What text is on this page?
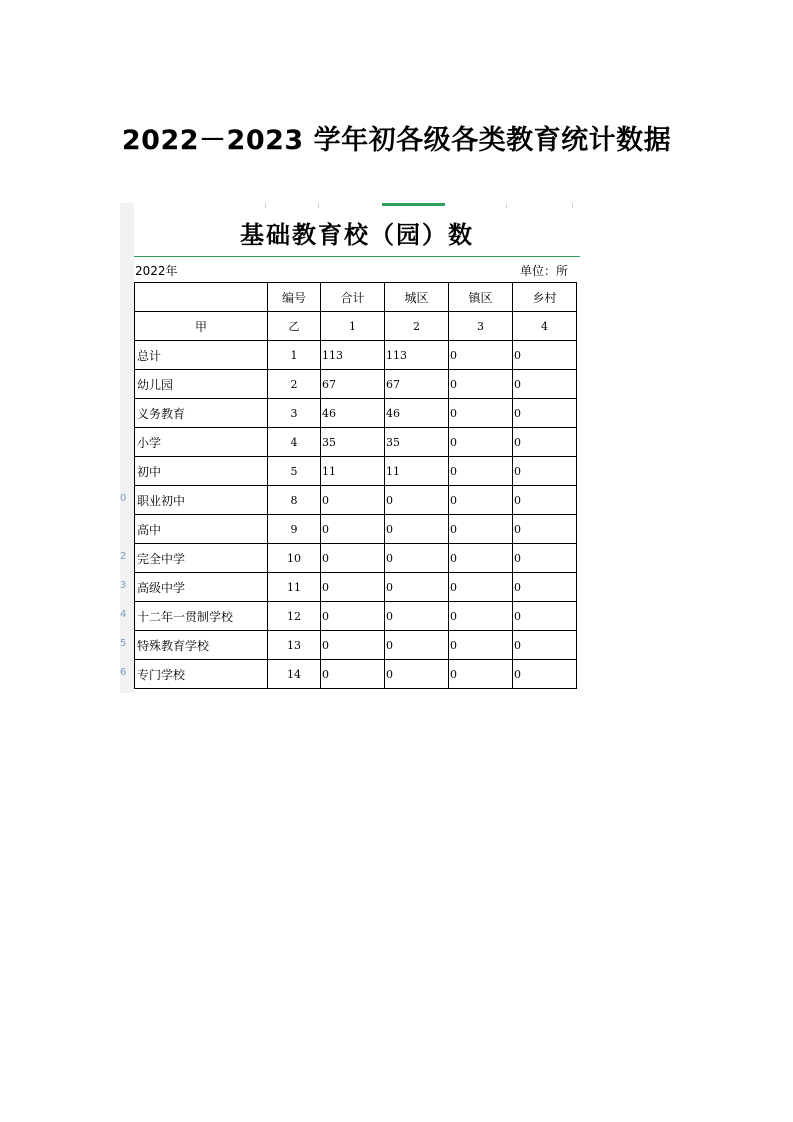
2022－2023 学年初各级各类教育统计数据
0
2
3
4
5
6
基础教育校（园）数
2022年	单位：所
	编号	合计	城区	镇区	乡村
甲	乙	1	2	3	4
总计	1	113	113	0	0
幼儿园	2	67	67	0	0
义务教育	3	46	46	0	0
小学	4	35	35	0	0
初中	5	11	11	0	0
职业初中	8	0	0	0	0
高中	9	0	0	0	0
完全中学	10	0	0	0	0
高级中学	11	0	0	0	0
十二年一贯制学校	12	0	0	0	0
特殊教育学校	13	0	0	0	0
专门学校	14	0	0	0	0
